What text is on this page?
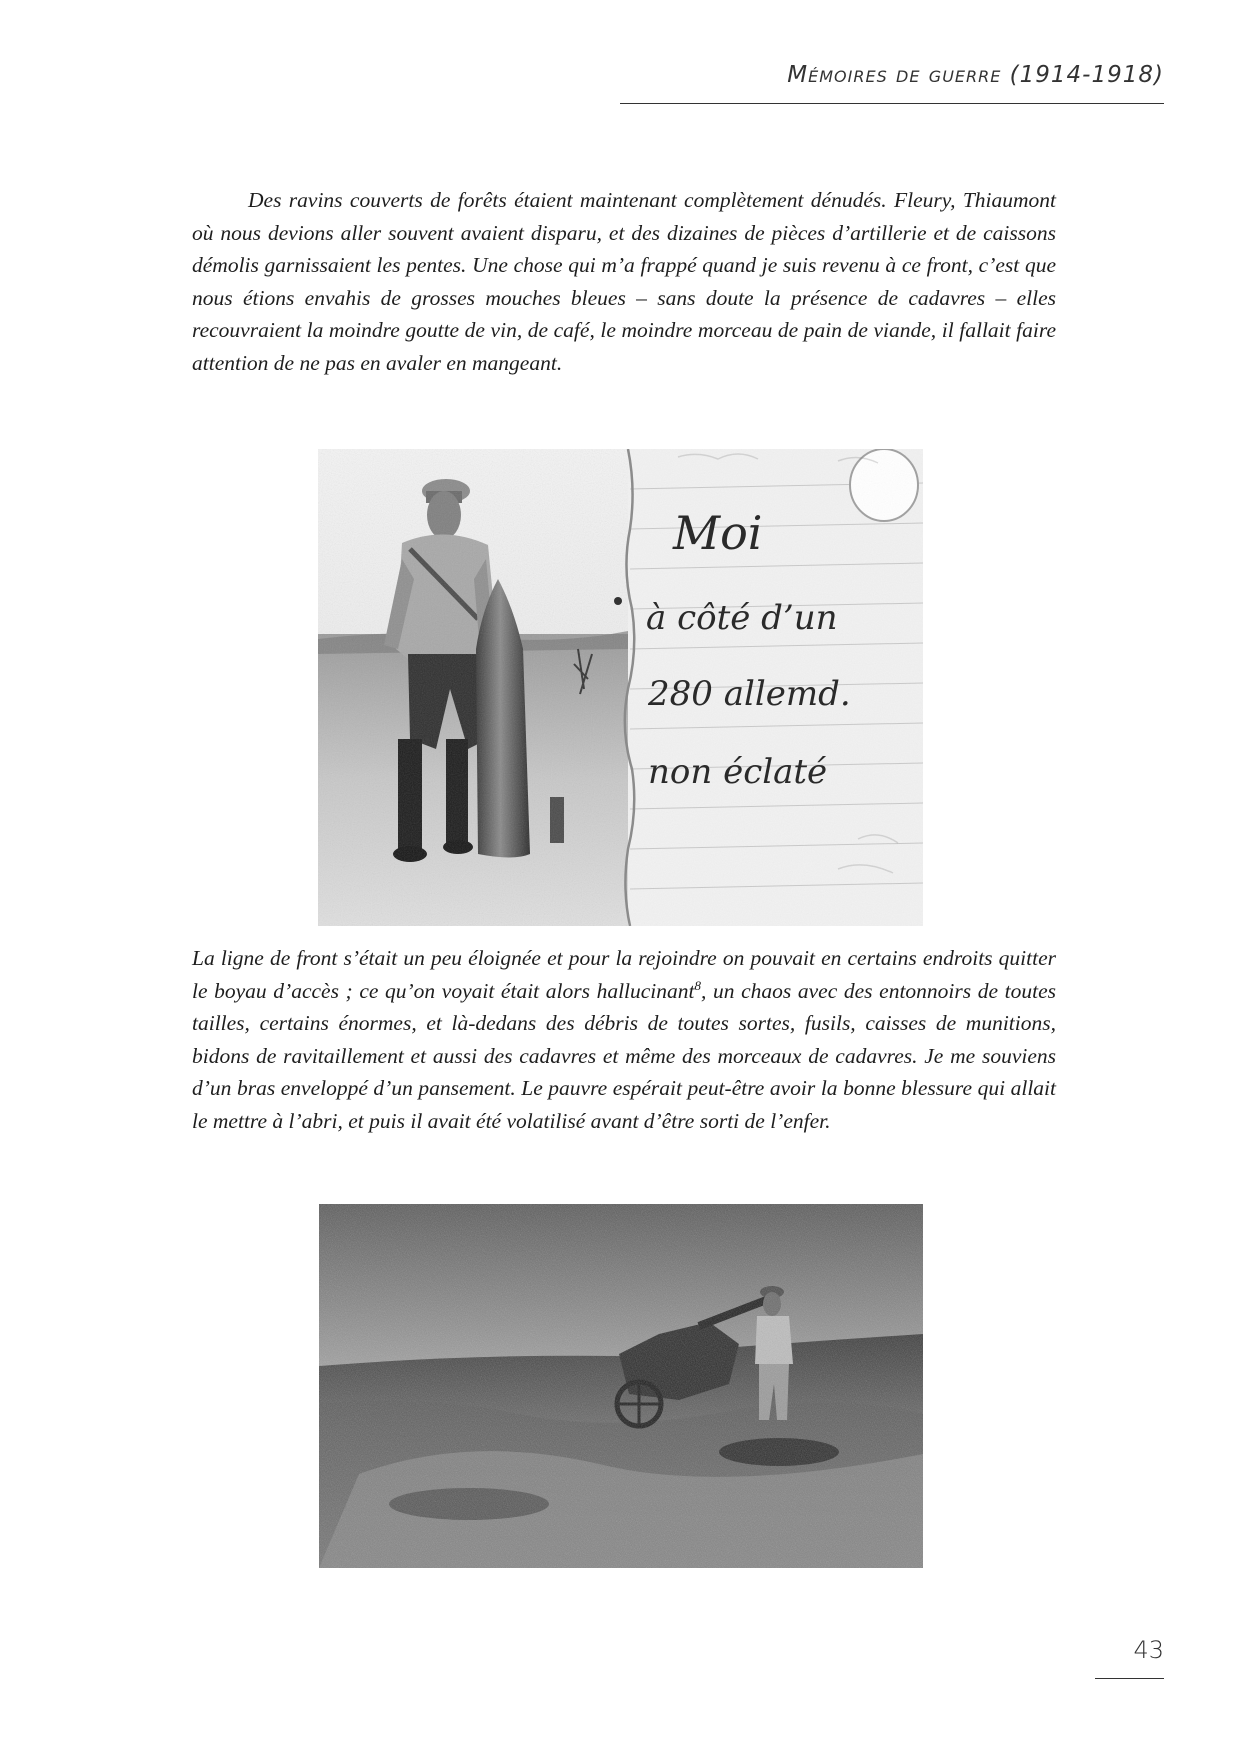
Mémoires de guerre (1914-1918)

Des ravins couverts de forêts étaient maintenant complètement dénudés. Fleury, Thiaumont où nous devions aller souvent avaient disparu, et des dizaines de pièces d’artillerie et de caissons démolis garnissaient les pentes. Une chose qui m’a frappé quand je suis revenu à ce front, c’est que nous étions envahis de grosses mouches bleues – sans doute la présence de cadavres – elles recouvraient la moindre goutte de vin, de café, le moindre morceau de pain de viande, il fallait faire attention de ne pas en avaler en mangeant.

Moi
à côté d’un
280 allemd.
non éclaté

La ligne de front s’était un peu éloignée et pour la rejoindre on pouvait en certains endroits quitter le boyau d’accès ; ce qu’on voyait était alors hallucinant$^8$, un chaos avec des entonnoirs de toutes tailles, certains énormes, et là-dedans des débris de toutes sortes, fusils, caisses de munitions, bidons de ravitaillement et aussi des cadavres et même des morceaux de cadavres. Je me souviens d’un bras enveloppé d’un pansement. Le pauvre espérait peut-être avoir la bonne blessure qui allait le mettre à l’abri, et puis il avait été volatilisé avant d’être sorti de l’enfer.

43
